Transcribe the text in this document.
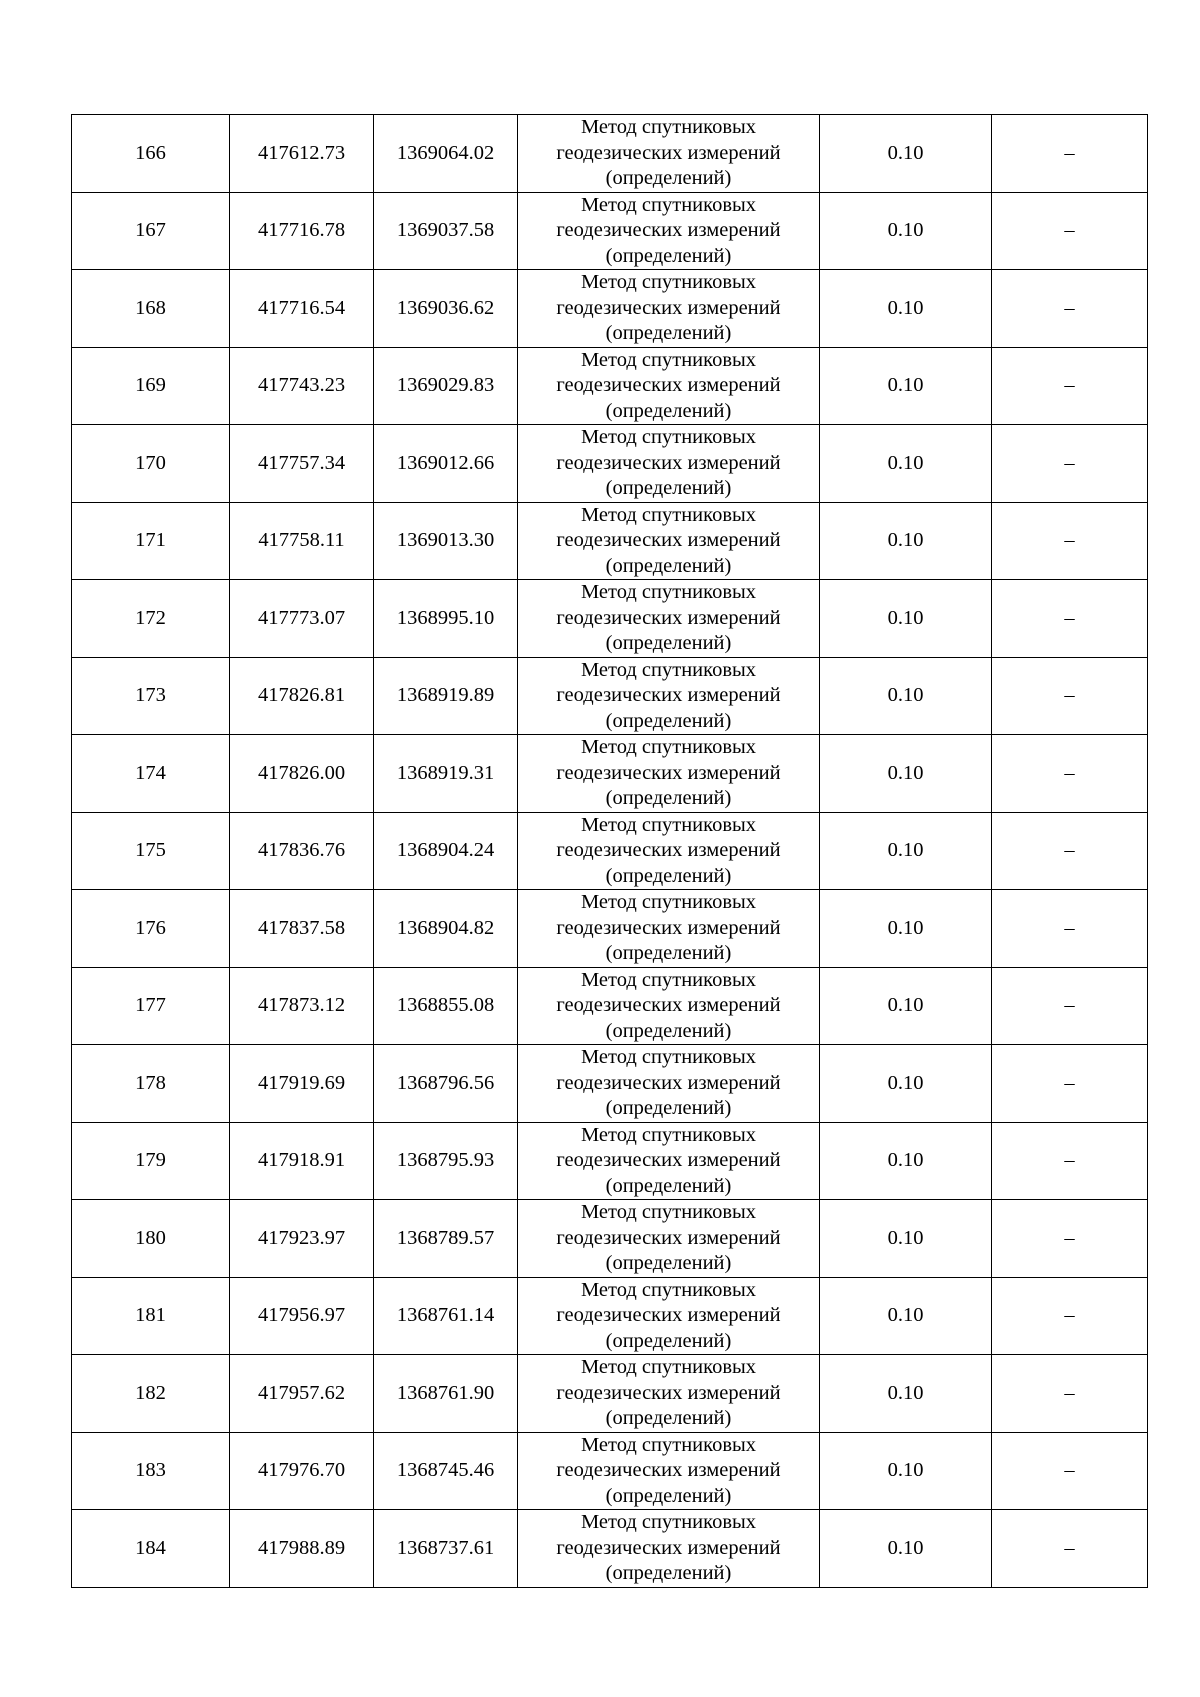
166	417612.73	1369064.02	Метод спутниковых
геодезических измерений
(определений)	0.10	–
167	417716.78	1369037.58	Метод спутниковых
геодезических измерений
(определений)	0.10	–
168	417716.54	1369036.62	Метод спутниковых
геодезических измерений
(определений)	0.10	–
169	417743.23	1369029.83	Метод спутниковых
геодезических измерений
(определений)	0.10	–
170	417757.34	1369012.66	Метод спутниковых
геодезических измерений
(определений)	0.10	–
171	417758.11	1369013.30	Метод спутниковых
геодезических измерений
(определений)	0.10	–
172	417773.07	1368995.10	Метод спутниковых
геодезических измерений
(определений)	0.10	–
173	417826.81	1368919.89	Метод спутниковых
геодезических измерений
(определений)	0.10	–
174	417826.00	1368919.31	Метод спутниковых
геодезических измерений
(определений)	0.10	–
175	417836.76	1368904.24	Метод спутниковых
геодезических измерений
(определений)	0.10	–
176	417837.58	1368904.82	Метод спутниковых
геодезических измерений
(определений)	0.10	–
177	417873.12	1368855.08	Метод спутниковых
геодезических измерений
(определений)	0.10	–
178	417919.69	1368796.56	Метод спутниковых
геодезических измерений
(определений)	0.10	–
179	417918.91	1368795.93	Метод спутниковых
геодезических измерений
(определений)	0.10	–
180	417923.97	1368789.57	Метод спутниковых
геодезических измерений
(определений)	0.10	–
181	417956.97	1368761.14	Метод спутниковых
геодезических измерений
(определений)	0.10	–
182	417957.62	1368761.90	Метод спутниковых
геодезических измерений
(определений)	0.10	–
183	417976.70	1368745.46	Метод спутниковых
геодезических измерений
(определений)	0.10	–
184	417988.89	1368737.61	Метод спутниковых
геодезических измерений
(определений)	0.10	–
